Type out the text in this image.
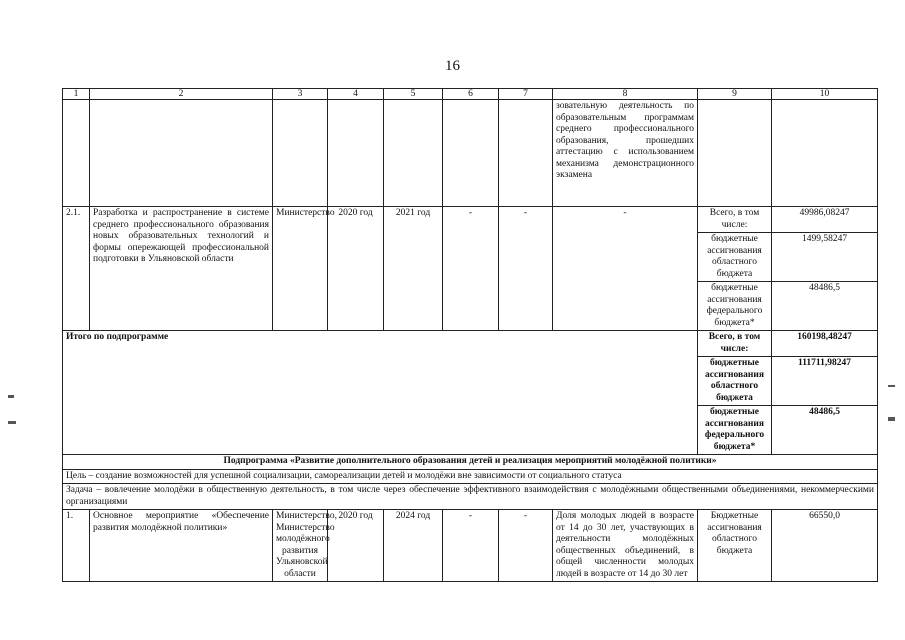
16
1	2	3	4	5	6	7	8	9	10
							зовательную деятельность по образовательным программам среднего профессионального образования, прошедших аттестацию с использованием механизма демонстрационного экзамена		
2.1.	Разработка и распространение в системе среднего профессионального образования новых образовательных технологий и формы опережающей профессиональной подготовки в Ульяновской области	Министерство	2020 год	2021 год	-	-	-	Всего, в том числе:	49986,08247
								бюджетные ассигнования областного бюджета	1499,58247
								бюджетные ассигнования федерального бюджета*	48486,5
Итого по подпрограмме								Всего, в том числе:	160198,48247
								бюджетные ассигнования областного бюджета	111711,98247
								бюджетные ассигнования федерального бюджета*	48486,5
Подпрограмма «Развитие дополнительного образования детей и реализация мероприятий молодёжной политики»									
Цель – создание возможностей для успешной социализации, самореализации детей и молодёжи вне зависимости от социального статуса									
Задача – вовлечение молодёжи в общественную деятельность, в том числе через обеспечение эффективного взаимодействия с молодёжными общественными объединениями, некоммерческими организациями									
1.	Основное мероприятие «Обеспечение развития молодёжной политики»	Министерство, Министерство молодёжного развития Ульяновской области	2020 год	2024 год	-	-	Доля молодых людей в возрасте от 14 до 30 лет, участвующих в деятельности молодёжных общественных объединений, в общей численности молодых людей в возрасте от 14 до 30 лет	Бюджетные ассигнования областного бюджета	66550,0
